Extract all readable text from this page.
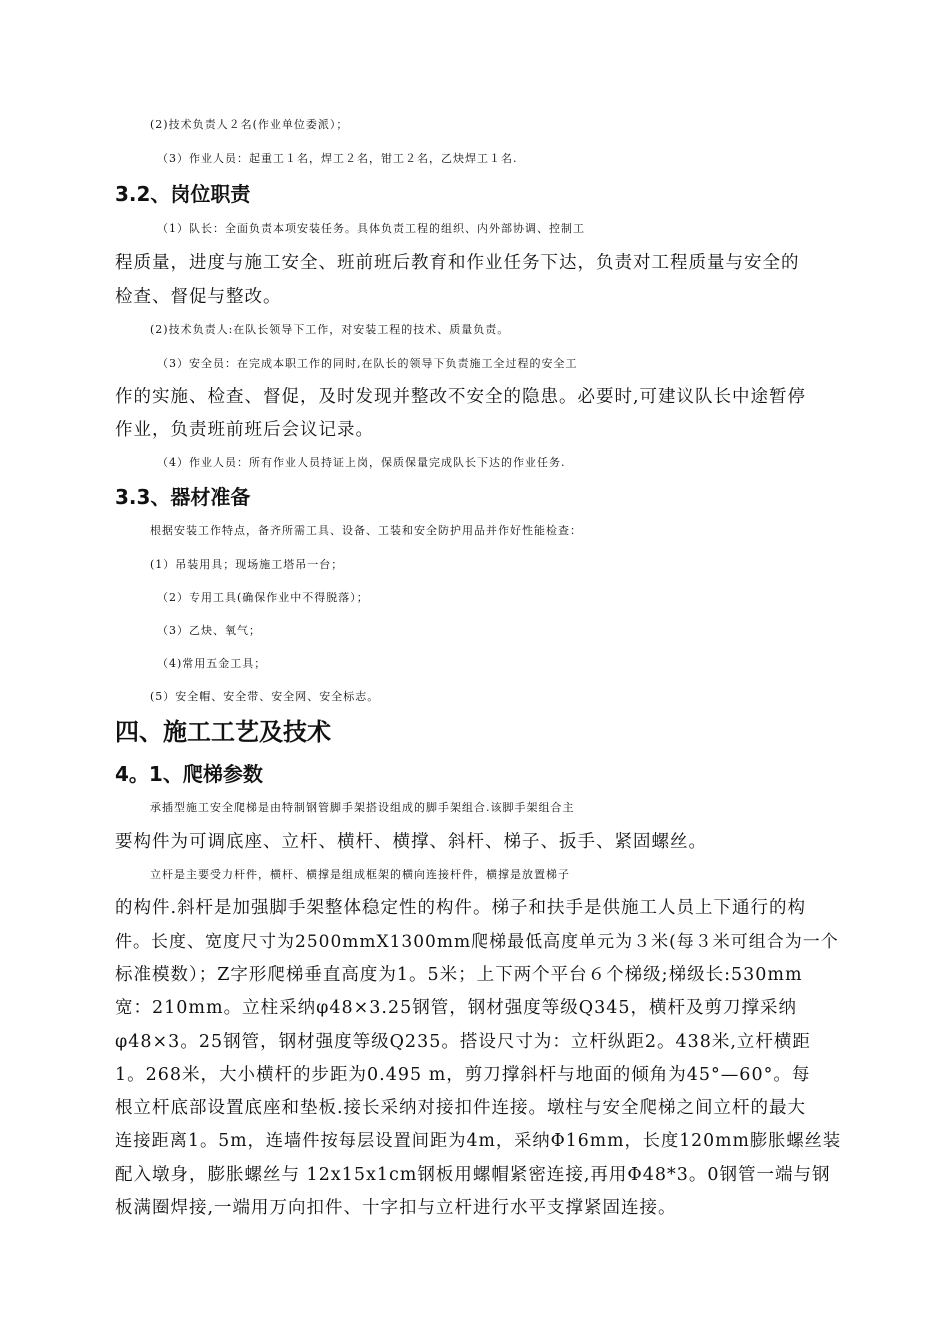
(2)技术负责人２名(作业单位委派）；

（3）作业人员：起重工１名，焊工２名，钳工２名，乙炔焊工１名.

3.2、岗位职责

（1）队长：全面负责本项安装任务。具体负责工程的组织、内外部协调、控制工

程质量，进度与施工安全、班前班后教育和作业任务下达，负责对工程质量与安全的

检查、督促与整改。

(2)技术负责人:在队长领导下工作，对安装工程的技术、质量负责。

（3）安全员：在完成本职工作的同时,在队长的领导下负责施工全过程的安全工

作的实施、检查、督促，及时发现并整改不安全的隐患。必要时,可建议队长中途暂停

作业，负责班前班后会议记录。

（4）作业人员：所有作业人员持证上岗，保质保量完成队长下达的作业任务.

3.3、器材准备

根据安装工作特点，备齐所需工具、设备、工装和安全防护用品并作好性能检查：

(1）吊装用具；现场施工塔吊一台；

（2）专用工具(确保作业中不得脱落）；

（3）乙炔、氧气；

（4)常用五金工具；

(5）安全帽、安全带、安全网、安全标志。

四、施工工艺及技术
4。1、爬梯参数

承插型施工安全爬梯是由特制钢管脚手架搭设组成的脚手架组合.该脚手架组合主

要构件为可调底座、立杆、横杆、横撑、斜杆、梯子、扳手、紧固螺丝。

立杆是主要受力杆件，横杆、横撑是组成框架的横向连接杆件，横撑是放置梯子

的构件.斜杆是加强脚手架整体稳定性的构件。梯子和扶手是供施工人员上下通行的构

件。长度、宽度尺寸为2500mmX1300mm爬梯最低高度单元为３米(每３米可组合为一个

标准模数）；Z字形爬梯垂直高度为1。5米；上下两个平台６个梯级;梯级长:530mm

宽：210mm。立柱采纳φ48×3.25钢管，钢材强度等级Q345，横杆及剪刀撑采纳

φ48×3。25钢管，钢材强度等级Q235。搭设尺寸为：立杆纵距2。438米,立杆横距

1。268米，大小横杆的步距为0.495 m，剪刀撑斜杆与地面的倾角为45°—60°。每

根立杆底部设置底座和垫板.接长采纳对接扣件连接。墩柱与安全爬梯之间立杆的最大

连接距离1。5m，连墙件按每层设置间距为4m，采纳Φ16mm，长度120mm膨胀螺丝装

配入墩身，膨胀螺丝与 12x15x1cm钢板用螺帽紧密连接,再用Φ48*3。0钢管一端与钢

板满圈焊接,一端用万向扣件、十字扣与立杆进行水平支撑紧固连接。
